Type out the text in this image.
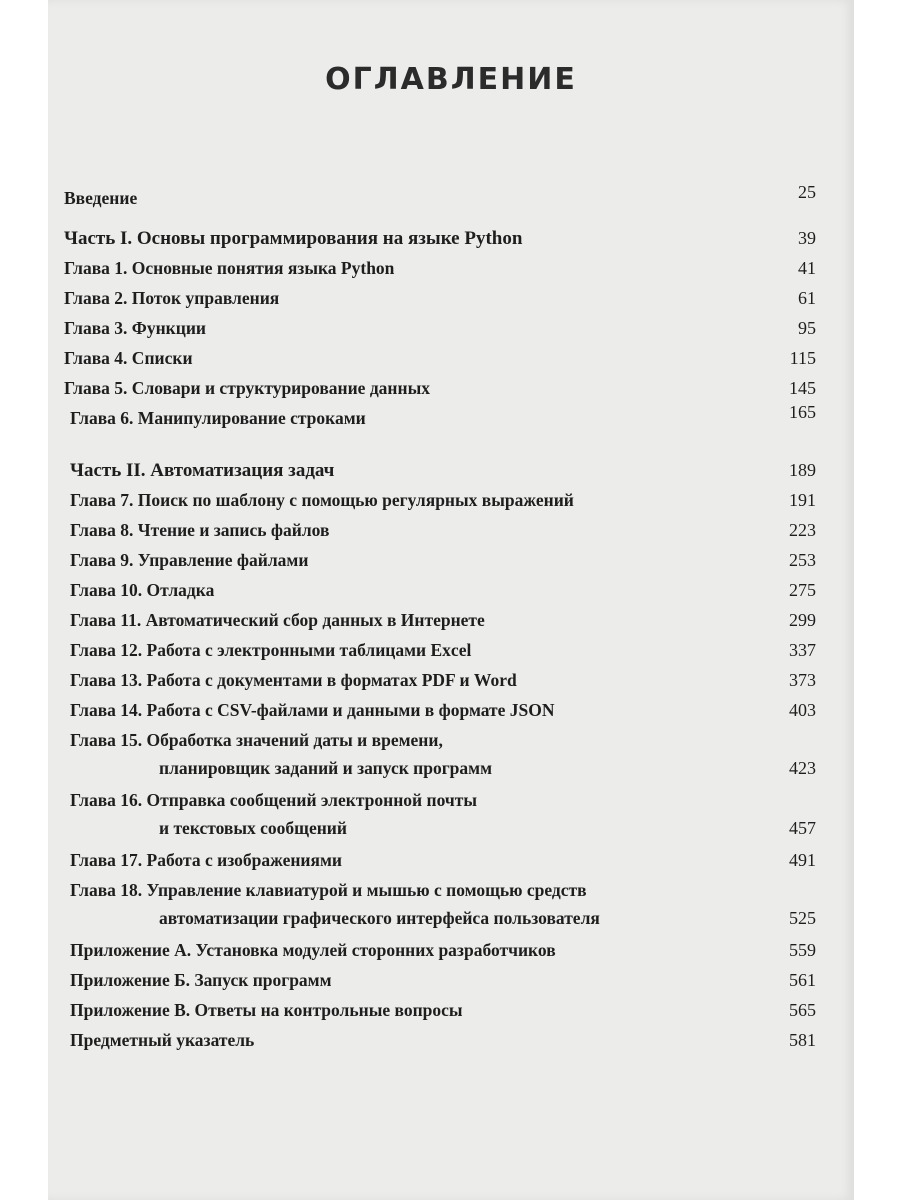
ОГЛАВЛЕНИЕ
Введение	25
Часть I. Основы программирования на языке Python	39
Глава 1. Основные понятия языка Python	41
Глава 2. Поток управления	61
Глава 3. Функции	95
Глава 4. Списки	115
Глава 5. Словари и структурирование данных	145
Глава 6. Манипулирование строками	165
Часть II. Автоматизация задач	189
Глава 7. Поиск по шаблону с помощью регулярных выражений	191
Глава 8. Чтение и запись файлов	223
Глава 9. Управление файлами	253
Глава 10. Отладка	275
Глава 11. Автоматический сбор данных в Интернете	299
Глава 12. Работа с электронными таблицами Excel	337
Глава 13. Работа с документами в форматах PDF и Word	373
Глава 14. Работа с CSV-файлами и данными в формате JSON	403
Глава 15. Обработка значений даты и времени,
планировщик заданий и запуск программ	423
Глава 16. Отправка сообщений электронной почты
и текстовых сообщений	457
Глава 17. Работа с изображениями	491
Глава 18. Управление клавиатурой и мышью с помощью средств
автоматизации графического интерфейса пользователя	525
Приложение А. Установка модулей сторонних разработчиков	559
Приложение Б. Запуск программ	561
Приложение В. Ответы на контрольные вопросы	565
Предметный указатель	581
